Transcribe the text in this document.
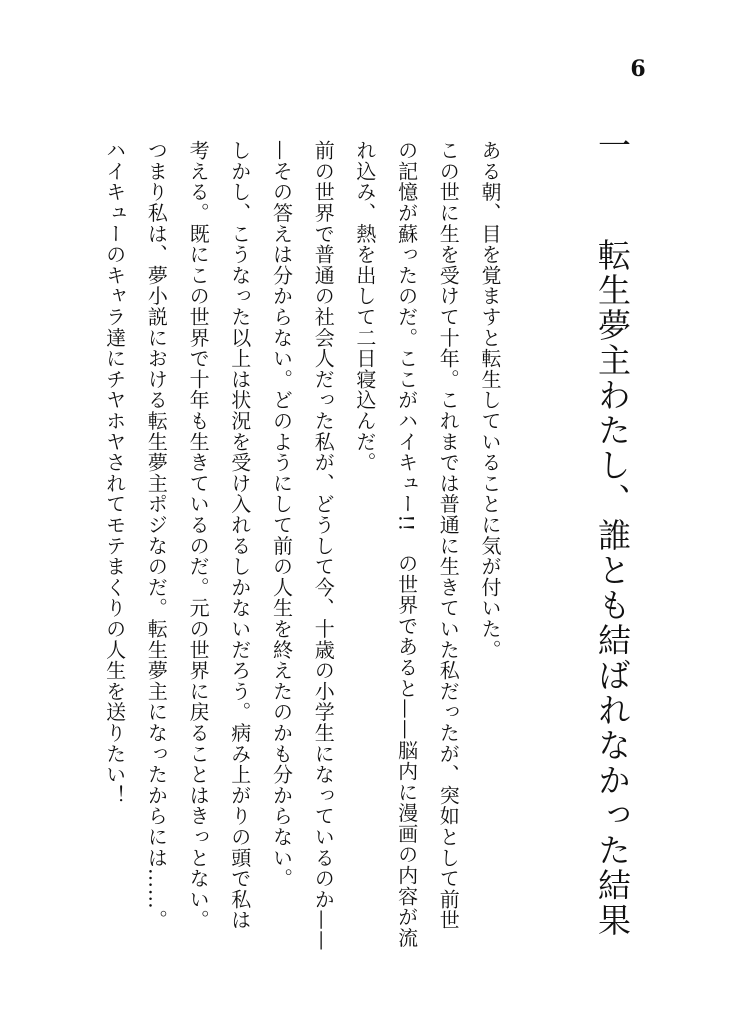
6
一　転生夢主わたし、誰とも結ばれなかった結果

ある朝、目を覚ますと転生していることに気が付いた。

この世に生を受けて十年。これまでは普通に生きていた私だったが、突如として前世

の記憶が蘇ったのだ。ここがハイキュー!!　の世界であると——脳内に漫画の内容が流

れ込み、熱を出して二日寝込んだ。

前の世界で普通の社会人だった私が、どうして今、十歳の小学生になっているのか——

—その答えは分からない。どのようにして前の人生を終えたのかも分からない。

しかし、こうなった以上は状況を受け入れるしかないだろう。病み上がりの頭で私は

考える。既にこの世界で十年も生きているのだ。元の世界に戻ることはきっとない。

つまり私は、夢小説における転生夢主ポジなのだ。転生夢主になったからには……。

ハイキューのキャラ達にチヤホヤされてモテまくりの人生を送りたい！
